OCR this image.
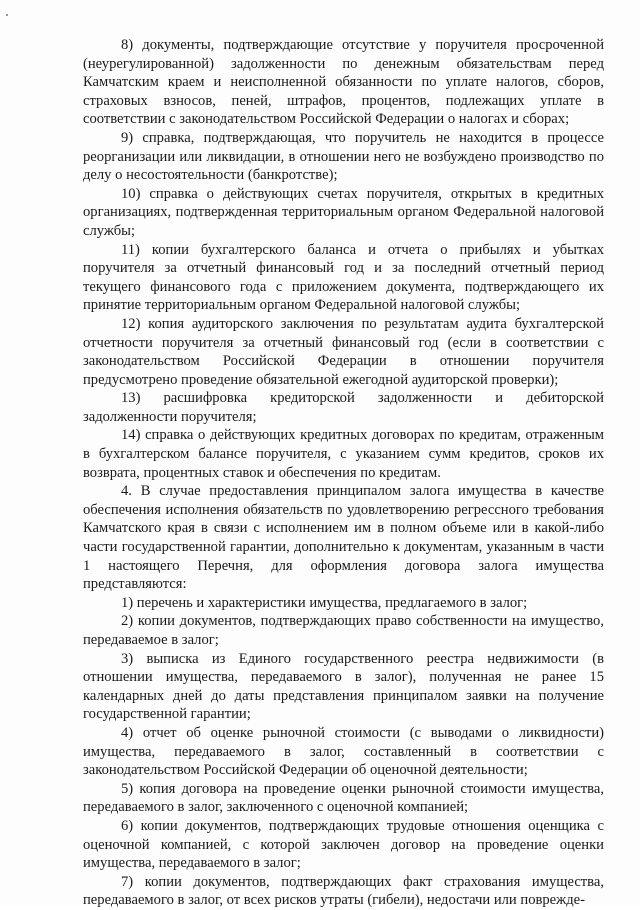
8) документы, подтверждающие отсутствие у поручителя просроченной (неурегулированной) задолженности по денежным обязательствам перед Камчатским краем и неисполненной обязанности по уплате налогов, сборов, страховых взносов, пеней, штрафов, процентов, подлежащих уплате в соответствии с законодательством Российской Федерации о налогах и сборах;

9) справка, подтверждающая, что поручитель не находится в процессе реорганизации или ликвидации, в отношении него не возбуждено производство по делу о несостоятельности (банкротстве);

10) справка о действующих счетах поручителя, открытых в кредитных организациях, подтвержденная территориальным органом Федеральной налоговой службы;

11) копии бухгалтерского баланса и отчета о прибылях и убытках поручителя за отчетный финансовый год и за последний отчетный период текущего финансового года с приложением документа, подтверждающего их принятие территориальным органом Федеральной налоговой службы;

12) копия аудиторского заключения по результатам аудита бухгалтерской отчетности поручителя за отчетный финансовый год (если в соответствии с законодательством Российской Федерации в отношении поручителя предусмотрено проведение обязательной ежегодной аудиторской проверки);

13) расшифровка кредиторской задолженности и дебиторской задолженности поручителя;

14) справка о действующих кредитных договорах по кредитам, отраженным в бухгалтерском балансе поручителя, с указанием сумм кредитов, сроков их возврата, процентных ставок и обеспечения по кредитам.

4. В случае предоставления принципалом залога имущества в качестве обеспечения исполнения обязательств по удовлетворению регрессного требования Камчатского края в связи с исполнением им в полном объеме или в какой-либо части государственной гарантии, дополнительно к документам, указанным в части 1 настоящего Перечня, для оформления договора залога имущества представляются:

1) перечень и характеристики имущества, предлагаемого в залог;

2) копии документов, подтверждающих право собственности на имущество, передаваемое в залог;

3) выписка из Единого государственного реестра недвижимости (в отношении имущества, передаваемого в залог), полученная не ранее 15 календарных дней до даты представления принципалом заявки на получение государственной гарантии;

4) отчет об оценке рыночной стоимости (с выводами о ликвидности) имущества, передаваемого в залог, составленный в соответствии с законодательством Российской Федерации об оценочной деятельности;

5) копия договора на проведение оценки рыночной стоимости имущества, передаваемого в залог, заключенного с оценочной компанией;

6) копии документов, подтверждающих трудовые отношения оценщика с оценочной компанией, с которой заключен договор на проведение оценки имущества, передаваемого в залог;

7) копии документов, подтверждающих факт страхования имущества, передаваемого в залог, от всех рисков утраты (гибели), недостачи или поврежде-
